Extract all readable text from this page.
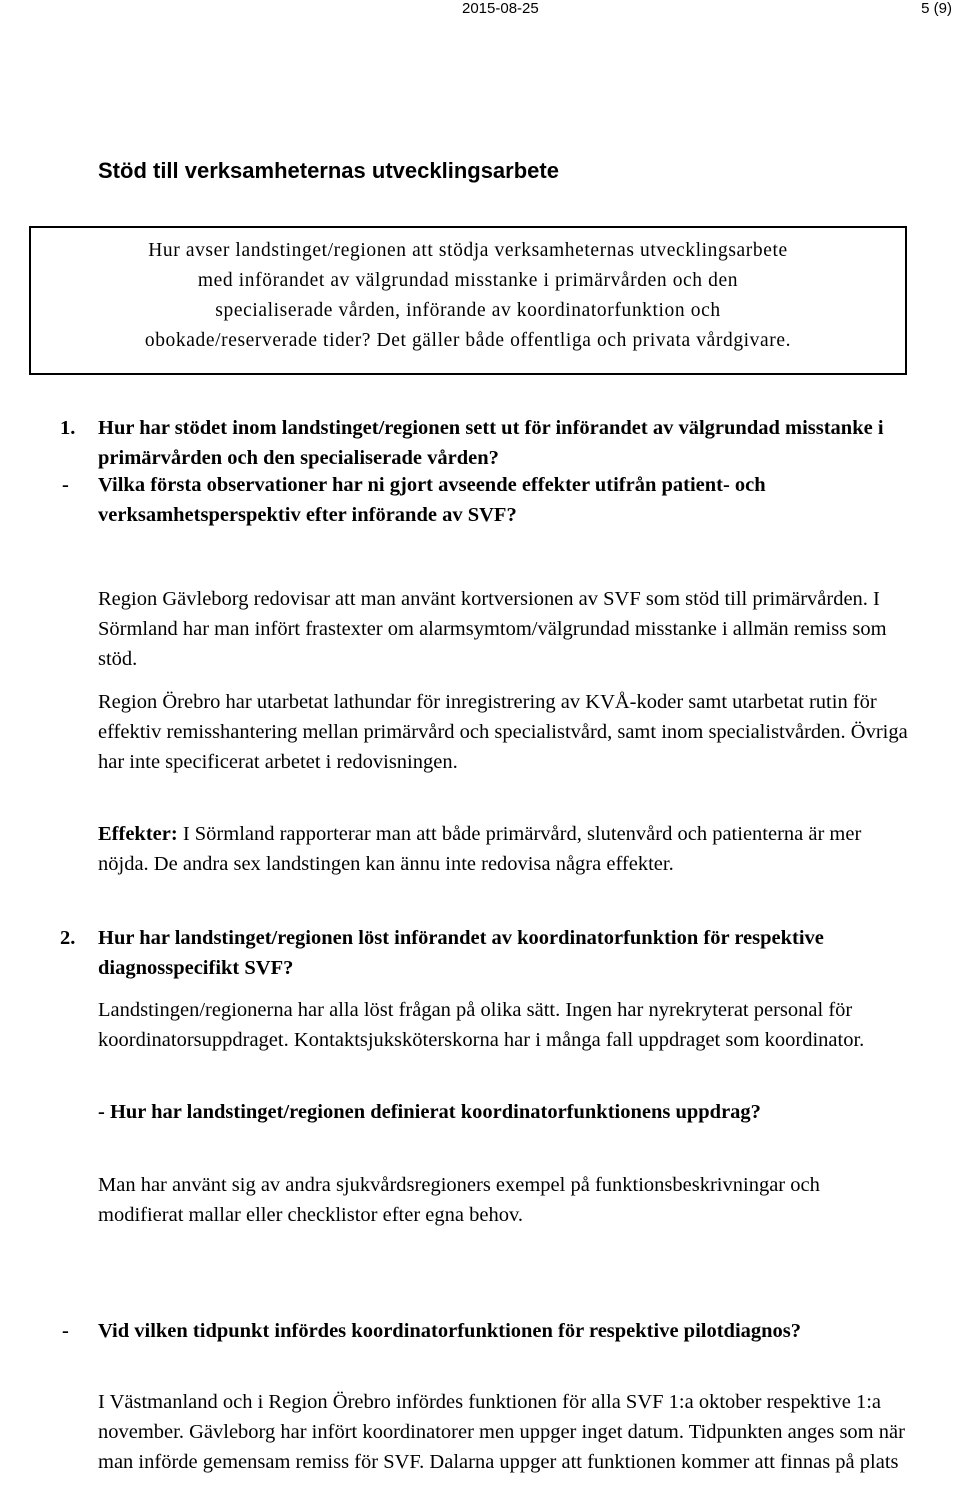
2015-08-25	5 (9)
Stöd till verksamheternas utvecklingsarbete
Hur avser landstinget/regionen att stödja verksamheternas utvecklingsarbete
med införandet av välgrundad misstanke i primärvården och den
specialiserade vården, införande av koordinatorfunktion och
obokade/reserverade tider? Det gäller både offentliga och privata vårdgivare.
1. Hur har stödet inom landstinget/regionen sett ut för införandet av välgrundad misstanke i primärvården och den specialiserade vården?

- Vilka första observationer har ni gjort avseende effekter utifrån patient- och verksamhetsperspektiv efter införande av SVF?

Region Gävleborg redovisar att man använt kortversionen av SVF som stöd till primärvården. I Sörmland har man infört frastexter om alarmsymtom/välgrundad misstanke i allmän remiss som stöd.

Region Örebro har utarbetat lathundar för inregistrering av KVÅ-koder samt utarbetat rutin för effektiv remisshantering mellan primärvård och specialistvård, samt inom specialistvården. Övriga har inte specificerat arbetet i redovisningen.

Effekter: I Sörmland rapporterar man att både primärvård, slutenvård och patienterna är mer nöjda. De andra sex landstingen kan ännu inte redovisa några effekter.

2. Hur har landstinget/regionen löst införandet av koordinatorfunktion för respektive diagnosspecifikt SVF?

Landstingen/regionerna har alla löst frågan på olika sätt. Ingen har nyrekryterat personal för koordinatorsuppdraget. Kontaktsjuksköterskorna har i många fall uppdraget som koordinator.

- Hur har landstinget/regionen definierat koordinatorfunktionens uppdrag?

Man har använt sig av andra sjukvårdsregioners exempel på funktionsbeskrivningar och modifierat mallar eller checklistor efter egna behov.

- Vid vilken tidpunkt infördes koordinatorfunktionen för respektive pilotdiagnos?

I Västmanland och i Region Örebro infördes funktionen för alla SVF 1:a oktober respektive 1:a november. Gävleborg har infört koordinatorer men uppger inget datum. Tidpunkten anges som när man införde gemensam remiss för SVF. Dalarna uppger att funktionen kommer att finnas på plats
